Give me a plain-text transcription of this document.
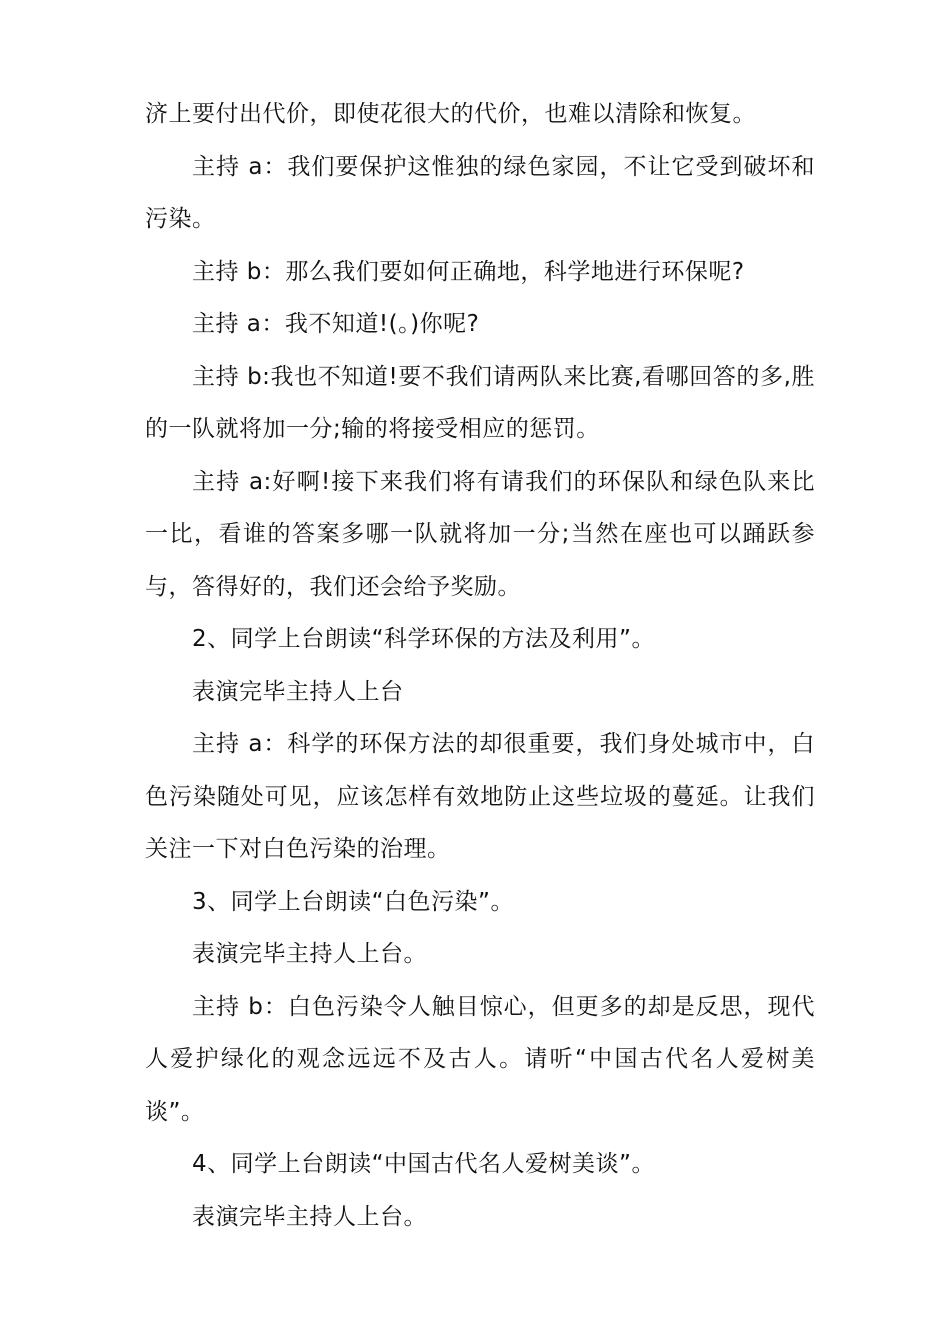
济上要付出代价，即使花很大的代价，也难以清除和恢复。

主持 a：我们要保护这惟独的绿色家园，不让它受到破坏和污染。

主持 b：那么我们要如何正确地，科学地进行环保呢?

主持 a：我不知道!(。)你呢?

主持 b:我也不知道!要不我们请两队来比赛,看哪回答的多,胜的一队就将加一分;输的将接受相应的惩罚。

主持 a:好啊!接下来我们将有请我们的环保队和绿色队来比一比，看谁的答案多哪一队就将加一分;当然在座也可以踊跃参与，答得好的，我们还会给予奖励。

2、同学上台朗读“科学环保的方法及利用”。

表演完毕主持人上台

主持 a：科学的环保方法的却很重要，我们身处城市中，白色污染随处可见，应该怎样有效地防止这些垃圾的蔓延。让我们关注一下对白色污染的治理。

3、同学上台朗读“白色污染”。

表演完毕主持人上台。

主持 b：白色污染令人触目惊心，但更多的却是反思，现代人爱护绿化的观念远远不及古人。请听“中国古代名人爱树美谈”。

4、同学上台朗读“中国古代名人爱树美谈”。

表演完毕主持人上台。
